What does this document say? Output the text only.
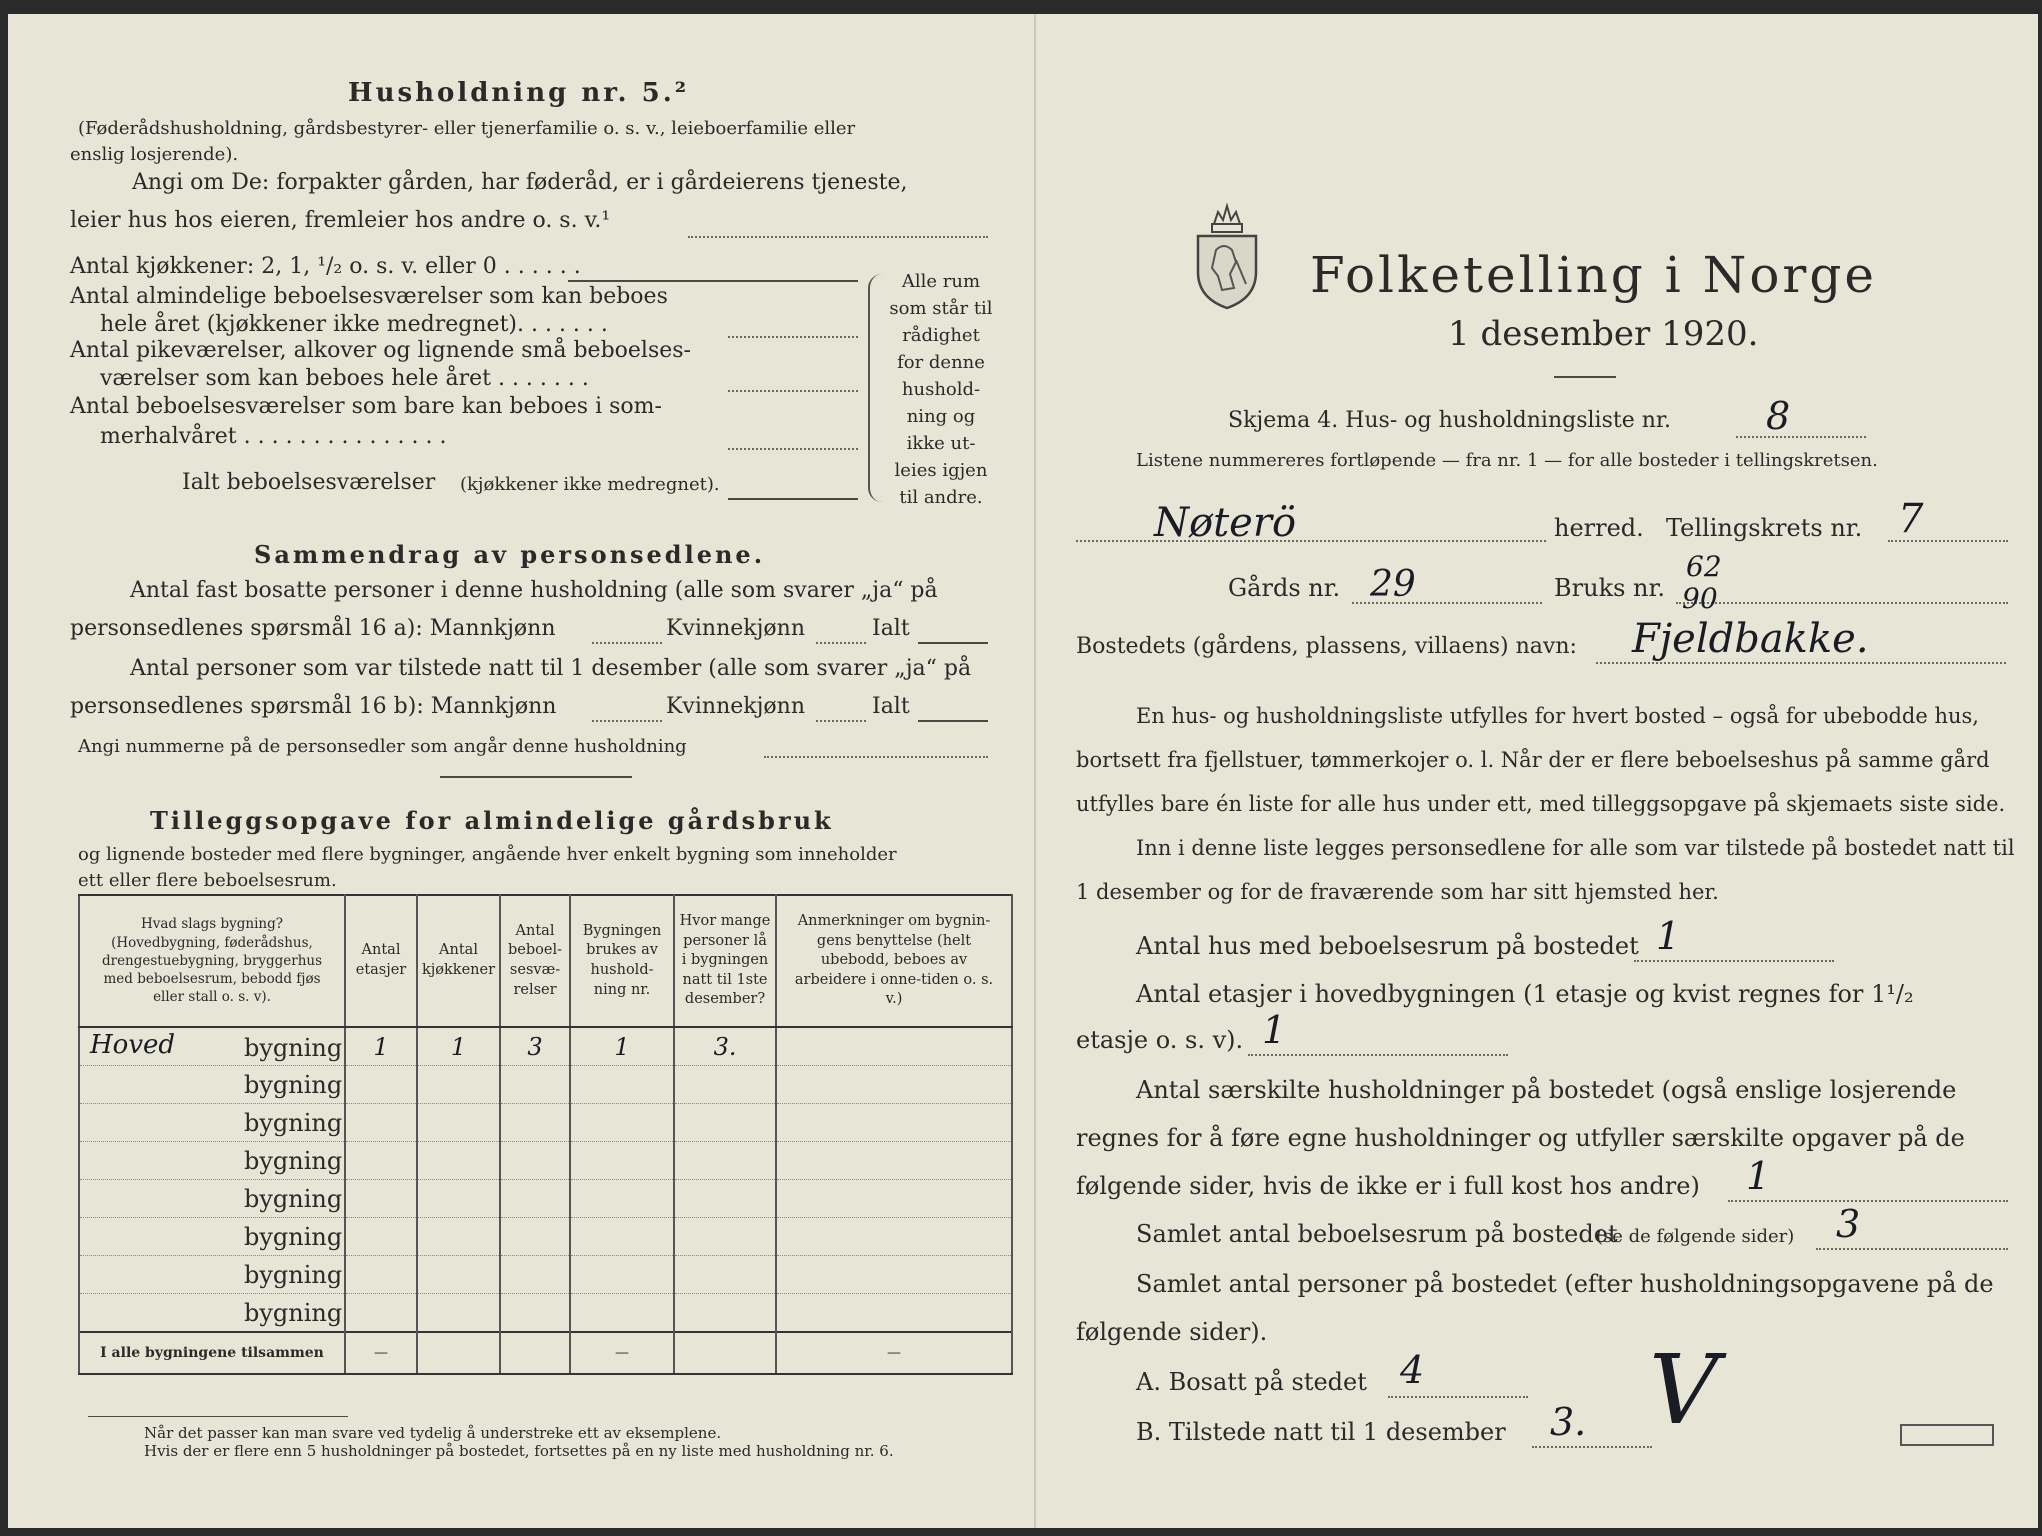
Husholdning nr. 5.²
(Føderådshusholdning, gårdsbestyrer- eller tjenerfamilie o. s. v., leieboerfamilie eller
enslig losjerende).
Angi om De: forpakter gården, har føderåd, er i gårdeierens tjeneste,
leier hus hos eieren, fremleier hos andre o. s. v.¹
Antal kjøkkener: 2, 1, ¹/₂ o. s. v. eller 0 . . . . . .
Antal almindelige beboelsesværelser som kan beboes
hele året (kjøkkener ikke medregnet). . . . . . .
Antal pikeværelser, alkover og lignende små beboelses-
værelser som kan beboes hele året . . . . . . .
Antal beboelsesværelser som bare kan beboes i som-
merhalvåret . . . . . . . . . . . . . . .
Ialt beboelsesværelser (kjøkkener ikke medregnet).
Alle rum
som står til
rådighet
for denne
hushold-
ning og
ikke ut-
leies igjen
til andre.
Sammendrag av personsedlene.
Antal fast bosatte personer i denne husholdning (alle som svarer „ja“ på
personsedlenes spørsmål 16 a): Mannkjønn	Kvinnekjønn	Ialt
Antal personer som var tilstede natt til 1 desember (alle som svarer „ja“ på
personsedlenes spørsmål 16 b): Mannkjønn	Kvinnekjønn	Ialt
Angi nummerne på de personsedler som angår denne husholdning
Tilleggsopgave for almindelige gårdsbruk
og lignende bosteder med flere bygninger, angående hver enkelt bygning som inneholder
ett eller flere beboelsesrum.
Hvad slags bygning? (Hovedbygning, føderådshus, drengestuebygning, bryggerhus med beboelsesrum, bebodd fjøs eller stall o. s. v).	Antal etasjer	Antal kjøkkener	Antal beboel-sesvæ-relser	Bygningen brukes av hushold-ning nr.	Hvor mange personer lå i bygningen natt til 1ste desember?	Anmerkninger om bygnin-gens benyttelse (helt ubebodd, beboes av arbeidere i onne-tiden o. s. v.)

Hoved bygning	1	1	3	1	3.	
bygning						
bygning						
bygning						
bygning						
bygning						
bygning						
bygning						
I alle bygningene tilsammen	—			—		—
Når det passer kan man svare ved tydelig å understreke ett av eksemplene.
Hvis der er flere enn 5 husholdninger på bostedet, fortsettes på en ny liste med husholdning nr. 6.
Folketelling i Norge
1 desember 1920.
Skjema 4. Hus- og husholdningsliste nr.	8
Listene nummereres fortløpende — fra nr. 1 — for alle bosteder i tellingskretsen.
Nøterö	herred. Tellingskrets nr. 7
Gårds nr. 29	Bruks nr.
62
90
Bostedets (gårdens, plassens, villaens) navn: Fjeldbakke.
En hus- og husholdningsliste utfylles for hvert bosted – også for ubebodde hus,
bortsett fra fjellstuer, tømmerkojer o. l. Når der er flere beboelseshus på samme gård
utfylles bare én liste for alle hus under ett, med tilleggsopgave på skjemaets siste side.
Inn i denne liste legges personsedlene for alle som var tilstede på bostedet natt til
1 desember og for de fraværende som har sitt hjemsted her.
Antal hus med beboelsesrum på bostedet 1
Antal etasjer i hovedbygningen (1 etasje og kvist regnes for 1¹/₂
etasje o. s. v). 1
Antal særskilte husholdninger på bostedet (også enslige losjerende
regnes for å føre egne husholdninger og utfyller særskilte opgaver på de
følgende sider, hvis de ikke er i full kost hos andre) 1
Samlet antal beboelsesrum på bostedet
(se de følgende sider) 3
Samlet antal personer på bostedet (efter husholdningsopgavene på de
følgende sider).
A. Bosatt på stedet 4
B. Tilstede natt til 1 desember 3. V
